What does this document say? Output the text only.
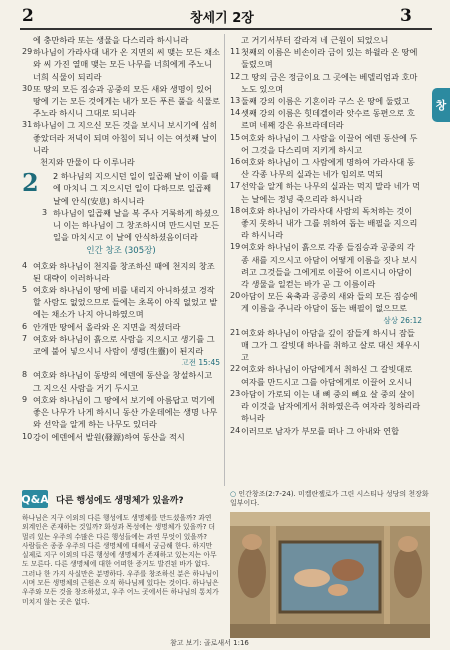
2	창세기 2장	3
에 충만하라 또는 생물을 다스리라 하시니라
29 하나님이 가라사대 내가 온 지면의 씨 맺는 모든 채소와 씨 가진 열매 맺는 모든 나무를 너희에게 주노니 너희 식물이 되리라
30 또 땅의 모든 짐승과 공중의 모든 새와 생명이 있어 땅에 기는 모든 것에게는 내가 모든 푸른 풀을 식물로 주노라 하시니 그대로 되니라
31 하나님이 그 지으신 모든 것을 보시니 보시기에 심히 좋았더라 저녁이 되며 아침이 되니 이는 여섯째 날이니라
천지와 만물이 다 이루니라
2	2 하나님의 지으시던 일이 일곱째 날이 이를 때에 마치니 그 지으시던 일이 다하므로 일곱째 날에 안식(安息) 하시니라
3 하나님이 일곱째 날을 복 주사 거룩하게 하셨으니 이는 하나님이 그 창조하시며 만드시던 모든 일을 마치시고 이 날에 안식하셨음이더라
인간 창조 (305장)
4 여호와 하나님이 천지를 창조하신 때에 천지의 창조된 대략이 이러하니라
5 여호와 하나님이 땅에 비를 내리지 아니하셨고 경작할 사람도 없었으므로 들에는 초목이 아직 없었고 밭에는 채소가 나지 아니하였으며
6 안개만 땅에서 올라와 온 지면을 적셨더라
7 여호와 하나님이 흙으로 사람을 지으시고 생기를 그 코에 불어 넣으시니 사람이 생령(生靈)이 된지라
고전 15:45
8 여호와 하나님이 동방의 에덴에 동산을 창설하시고 그 지으신 사람을 거기 두시고
9 여호와 하나님이 그 땅에서 보기에 아름답고 먹기에 좋은 나무가 나게 하시니 동산 가운데에는 생명 나무와 선악을 알게 하는 나무도 있더라
10 강이 에덴에서 발원(發源)하여 동산을 적시
고 거기서부터 갈라져 네 근원이 되었으니
11 첫째의 이름은 비손이라 금이 있는 하윌라 온 땅에 둘렸으며
12 그 땅의 금은 정금이요 그 곳에는 베델리엄과 호마노도 있으며
13 둘째 강의 이름은 기혼이라 구스 온 땅에 둘렸고
14 셋째 강의 이름은 힛데겔이라 앗수르 동편으로 흐르며 네째 강은 유브라데더라
15 여호와 하나님이 그 사람을 이끌어 에덴 동산에 두어 그것을 다스리며 지키게 하시고
16 여호와 하나님이 그 사람에게 명하여 가라사대 동산 각종 나무의 실과는 네가 임의로 먹되
17 선악을 알게 하는 나무의 실과는 먹지 말라 네가 먹는 날에는 정녕 죽으리라 하시니라
18 여호와 하나님이 가라사대 사람의 독처하는 것이 좋지 못하니 내가 그를 위하여 돕는 배필을 지으리라 하시니라
19 여호와 하나님이 흙으로 각종 들짐승과 공중의 각종 새를 지으시고 아담이 어떻게 이름을 짓나 보시려고 그것들을 그에게로 이끌어 이르시니 아담이 각 생물을 일컫는 바가 곧 그 이름이라
20 아담이 모든 육축과 공중의 새와 들의 모든 짐승에게 이름을 주니라 아담이 돕는 배필이 없으므로
삼상 26:12
21 여호와 하나님이 아담을 깊이 잠들게 하시니 잠들매 그가 그 갈빗대 하나를 취하고 살로 대신 채우시고
22 여호와 하나님이 아담에게서 취하신 그 갈빗대로 여자를 만드시고 그를 아담에게로 이끌어 오시니
23 아담이 가로되 이는 내 뼈 중의 뼈요 살 중의 살이라 이것을 남자에게서 취하였은즉 여자라 칭하리라 하니라
24 이러므로 남자가 부모를 떠나 그 아내와 연합
창
Q&A 다른 행성에도 생명체가 있을까?

하나님은 지구 이외의 다른 행성에도 생명체를 만드셨을까? 과연 외계인은 존재하는 것일까? 화성과 목성에는 생명체가 있을까? 더 멀리 있는 우주의 수많은 다른 행성들에는 과연 무엇이 있을까?

사람들은 종종 우주의 다른 생명체에 대해서 궁금해 한다. 하지만 실제로 지구 이외의 다른 행성에 생명체가 존재하고 있는지는 아무도 모른다. 다른 생명체에 대한 어떠한 증거도 발견된 바가 없다.

그러나 한 가지 사실만은 분명하다. 우주를 창조하신 분은 하나님이시며 모든 생명체의 근원은 오직 하나님께 있다는 것이다. 하나님은 우주와 모든 것을 창조하셨고, 우주 어느 곳에서든 하나님의 통치가 미치지 않는 곳은 없다.

참고 보기: 골로새서 1:16
○ 인간창조(2:7-24). 미켈란젤로가 그린 시스티나 성당의 천장화 일부이다.
